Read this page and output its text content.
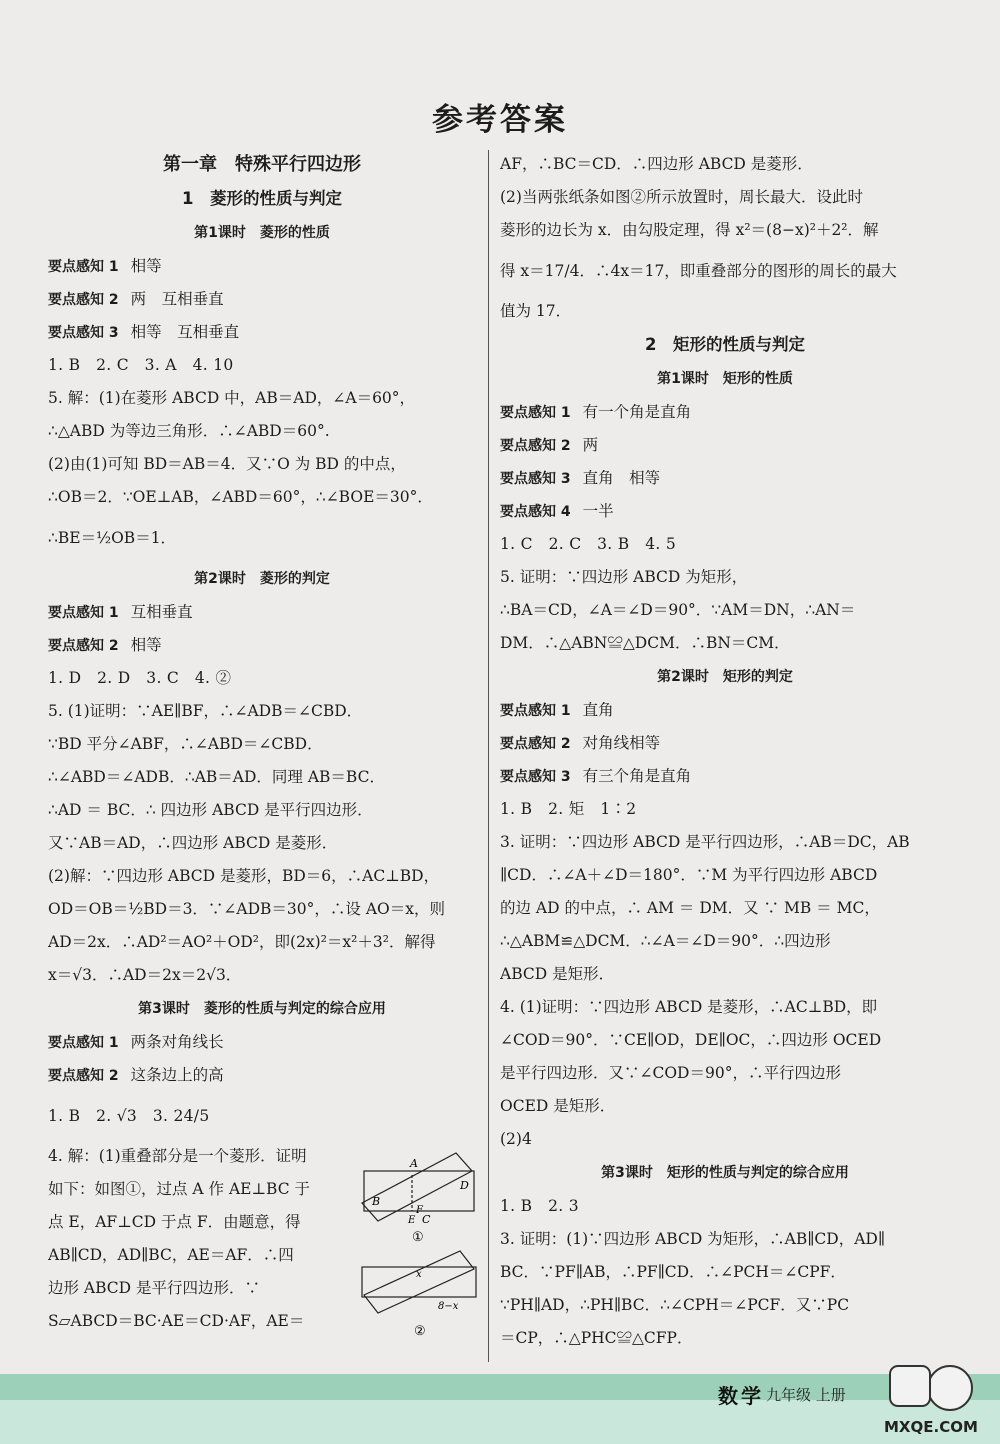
参考答案
第一章　特殊平行四边形
1　菱形的性质与判定
第1课时　菱形的性质
要点感知 1 相等
要点感知 2 两　互相垂直
要点感知 3 相等　互相垂直
1. B　2. C　3. A　4. 10
5. 解：(1)在菱形 ABCD 中，AB＝AD，∠A＝60°，
∴△ABD 为等边三角形．∴∠ABD＝60°.
(2)由(1)可知 BD＝AB＝4．又∵O 为 BD 的中点，
∴OB＝2．∵OE⊥AB，∠ABD＝60°，∴∠BOE＝30°．
∴BE＝½OB＝1．
第2课时　菱形的判定
要点感知 1 互相垂直
要点感知 2 相等
1. D　2. D　3. C　4. ②
5. (1)证明：∵AE∥BF，∴∠ADB＝∠CBD．
∵BD 平分∠ABF，∴∠ABD＝∠CBD．
∴∠ABD＝∠ADB．∴AB＝AD．同理 AB＝BC．
∴AD ＝ BC．∴ 四边形 ABCD 是平行四边形．
又∵AB＝AD，∴四边形 ABCD 是菱形．
(2)解：∵四边形 ABCD 是菱形，BD＝6，∴AC⊥BD，
OD＝OB＝½BD＝3．∵∠ADB＝30°，∴设 AO＝x，则
AD＝2x．∴AD²＝AO²＋OD²，即(2x)²＝x²＋3²．解得
x＝√3．∴AD＝2x＝2√3．
第3课时　菱形的性质与判定的综合应用
要点感知 1 两条对角线长
要点感知 2 这条边上的高
1. B　2. √3　3. 24/5
4. 解：(1)重叠部分是一个菱形．证明
如下：如图①，过点 A 作 AE⊥BC 于
点 E，AF⊥CD 于点 F．由题意，得
AB∥CD，AD∥BC，AE＝AF．∴四
边形 ABCD 是平行四边形．∵
S▱ABCD＝BC·AE＝CD·AF，AE＝
A
B
C
D
E
F
①
x
8−x
②
AF，∴BC＝CD．∴四边形 ABCD 是菱形．
(2)当两张纸条如图②所示放置时，周长最大．设此时
菱形的边长为 x．由勾股定理，得 x²＝(8−x)²＋2²．解
得 x＝17/4．∴4x＝17，即重叠部分的图形的周长的最大
值为 17．
2　矩形的性质与判定
第1课时　矩形的性质
要点感知 1 有一个角是直角
要点感知 2 两
要点感知 3 直角　相等
要点感知 4 一半
1. C　2. C　3. B　4. 5
5. 证明：∵四边形 ABCD 为矩形，
∴BA＝CD，∠A＝∠D＝90°．∵AM＝DN，∴AN＝
DM．∴△ABN≌△DCM．∴BN＝CM．
第2课时　矩形的判定
要点感知 1 直角
要点感知 2 对角线相等
要点感知 3 有三个角是直角
1. B　2. 矩　1∶2
3. 证明：∵四边形 ABCD 是平行四边形，∴AB＝DC，AB
∥CD．∴∠A＋∠D＝180°．∵M 为平行四边形 ABCD
的边 AD 的中点，∴ AM ＝ DM．又 ∵ MB ＝ MC，
∴△ABM≌△DCM．∴∠A＝∠D＝90°．∴四边形
ABCD 是矩形．
4. (1)证明：∵四边形 ABCD 是菱形，∴AC⊥BD，即
∠COD＝90°．∵CE∥OD，DE∥OC，∴四边形 OCED
是平行四边形．又∵∠COD＝90°，∴平行四边形
OCED 是矩形．
(2)4
第3课时　矩形的性质与判定的综合应用
1. B　2. 3
3. 证明：(1)∵四边形 ABCD 为矩形，∴AB∥CD，AD∥
BC．∵PF∥AB，∴PF∥CD．∴∠PCH＝∠CPF．
∵PH∥AD，∴PH∥BC．∴∠CPH＝∠PCF．又∵PC
＝CP，∴△PHC≌△CFP．
数学 九年级 上册
MXQE.COM
